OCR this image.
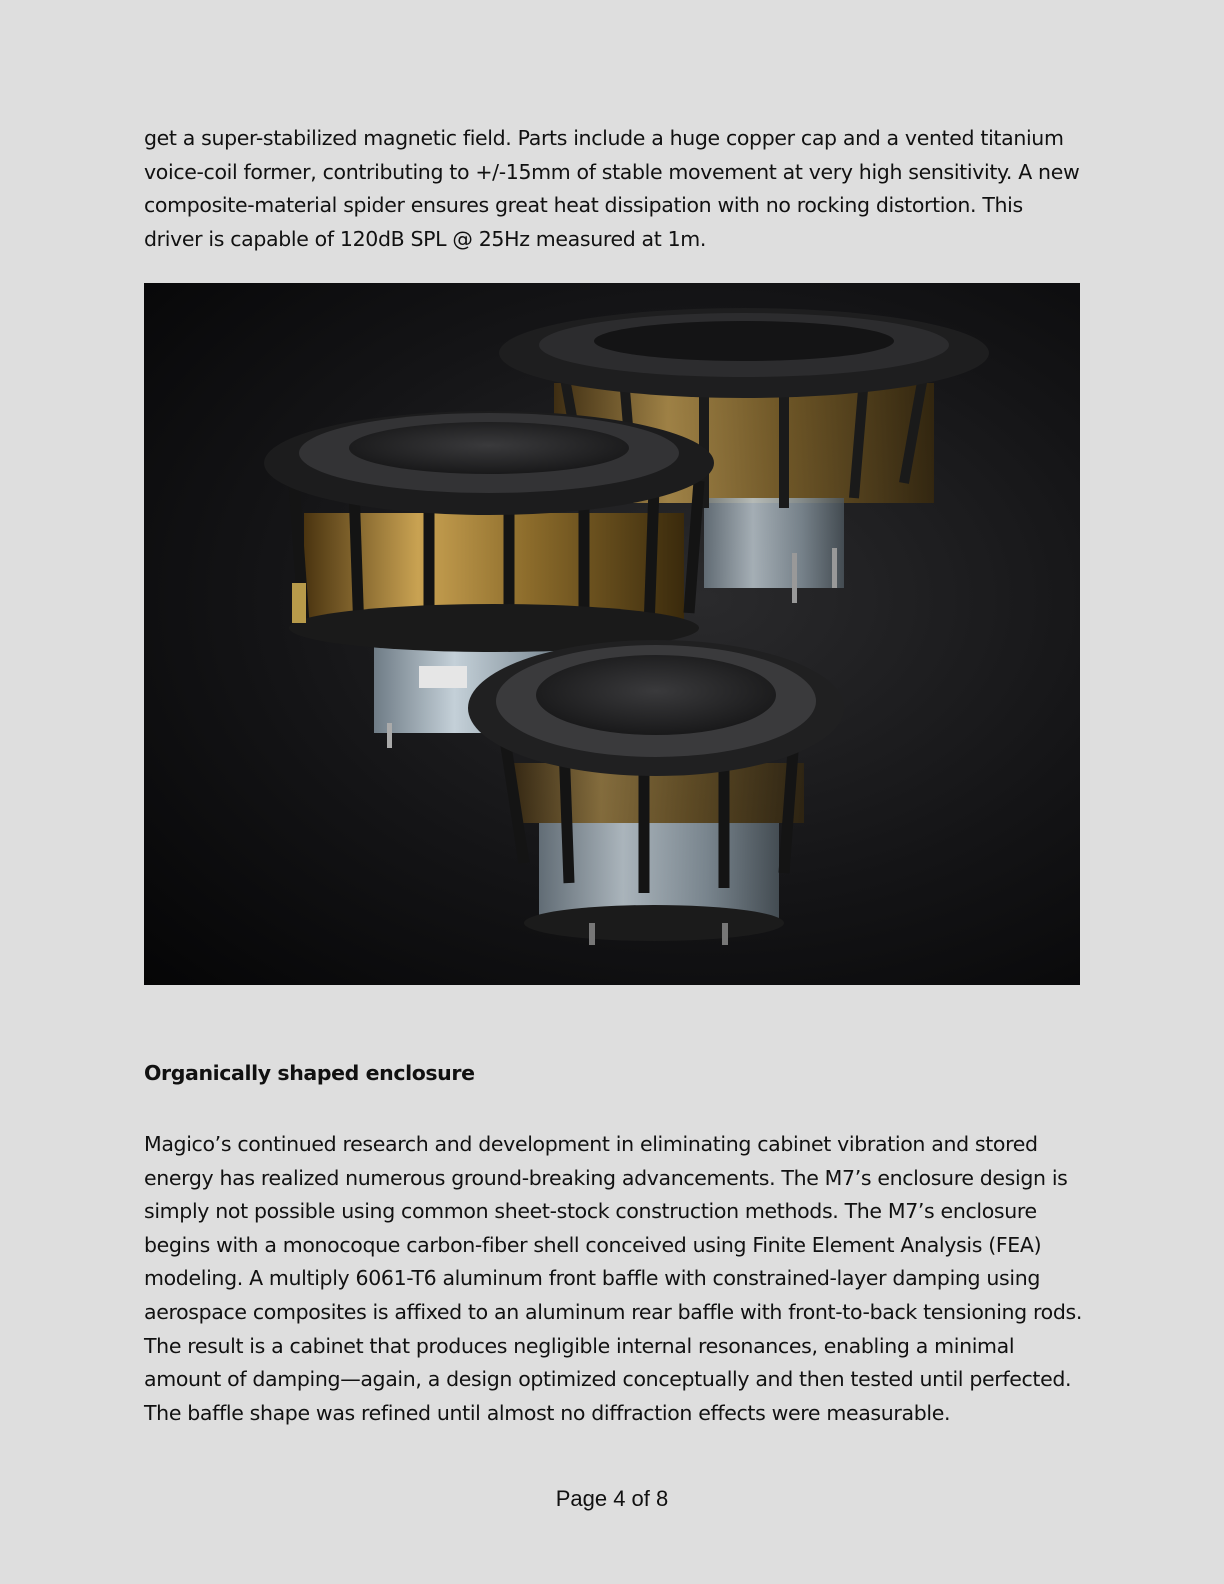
get a super-stabilized magnetic field. Parts include a huge copper cap and a vented titanium voice-coil former, contributing to +/-15mm of stable movement at very high sensitivity. A new composite-material spider ensures great heat dissipation with no rocking distortion. This driver is capable of 120dB SPL @ 25Hz measured at 1m.

Organically shaped enclosure

Magico’s continued research and development in eliminating cabinet vibration and stored energy has realized numerous ground-breaking advancements. The M7’s enclosure design is simply not possible using common sheet-stock construction methods. The M7’s enclosure begins with a monocoque carbon-fiber shell conceived using Finite Element Analysis (FEA) modeling. A multiply 6061-T6 aluminum front baffle with constrained-layer damping using aerospace composites is affixed to an aluminum rear baffle with front-to-back tensioning rods. The result is a cabinet that produces negligible internal resonances, enabling a minimal amount of damping—again, a design optimized conceptually and then tested until perfected. The baffle shape was refined until almost no diffraction effects were measurable.

Page 4 of 8
